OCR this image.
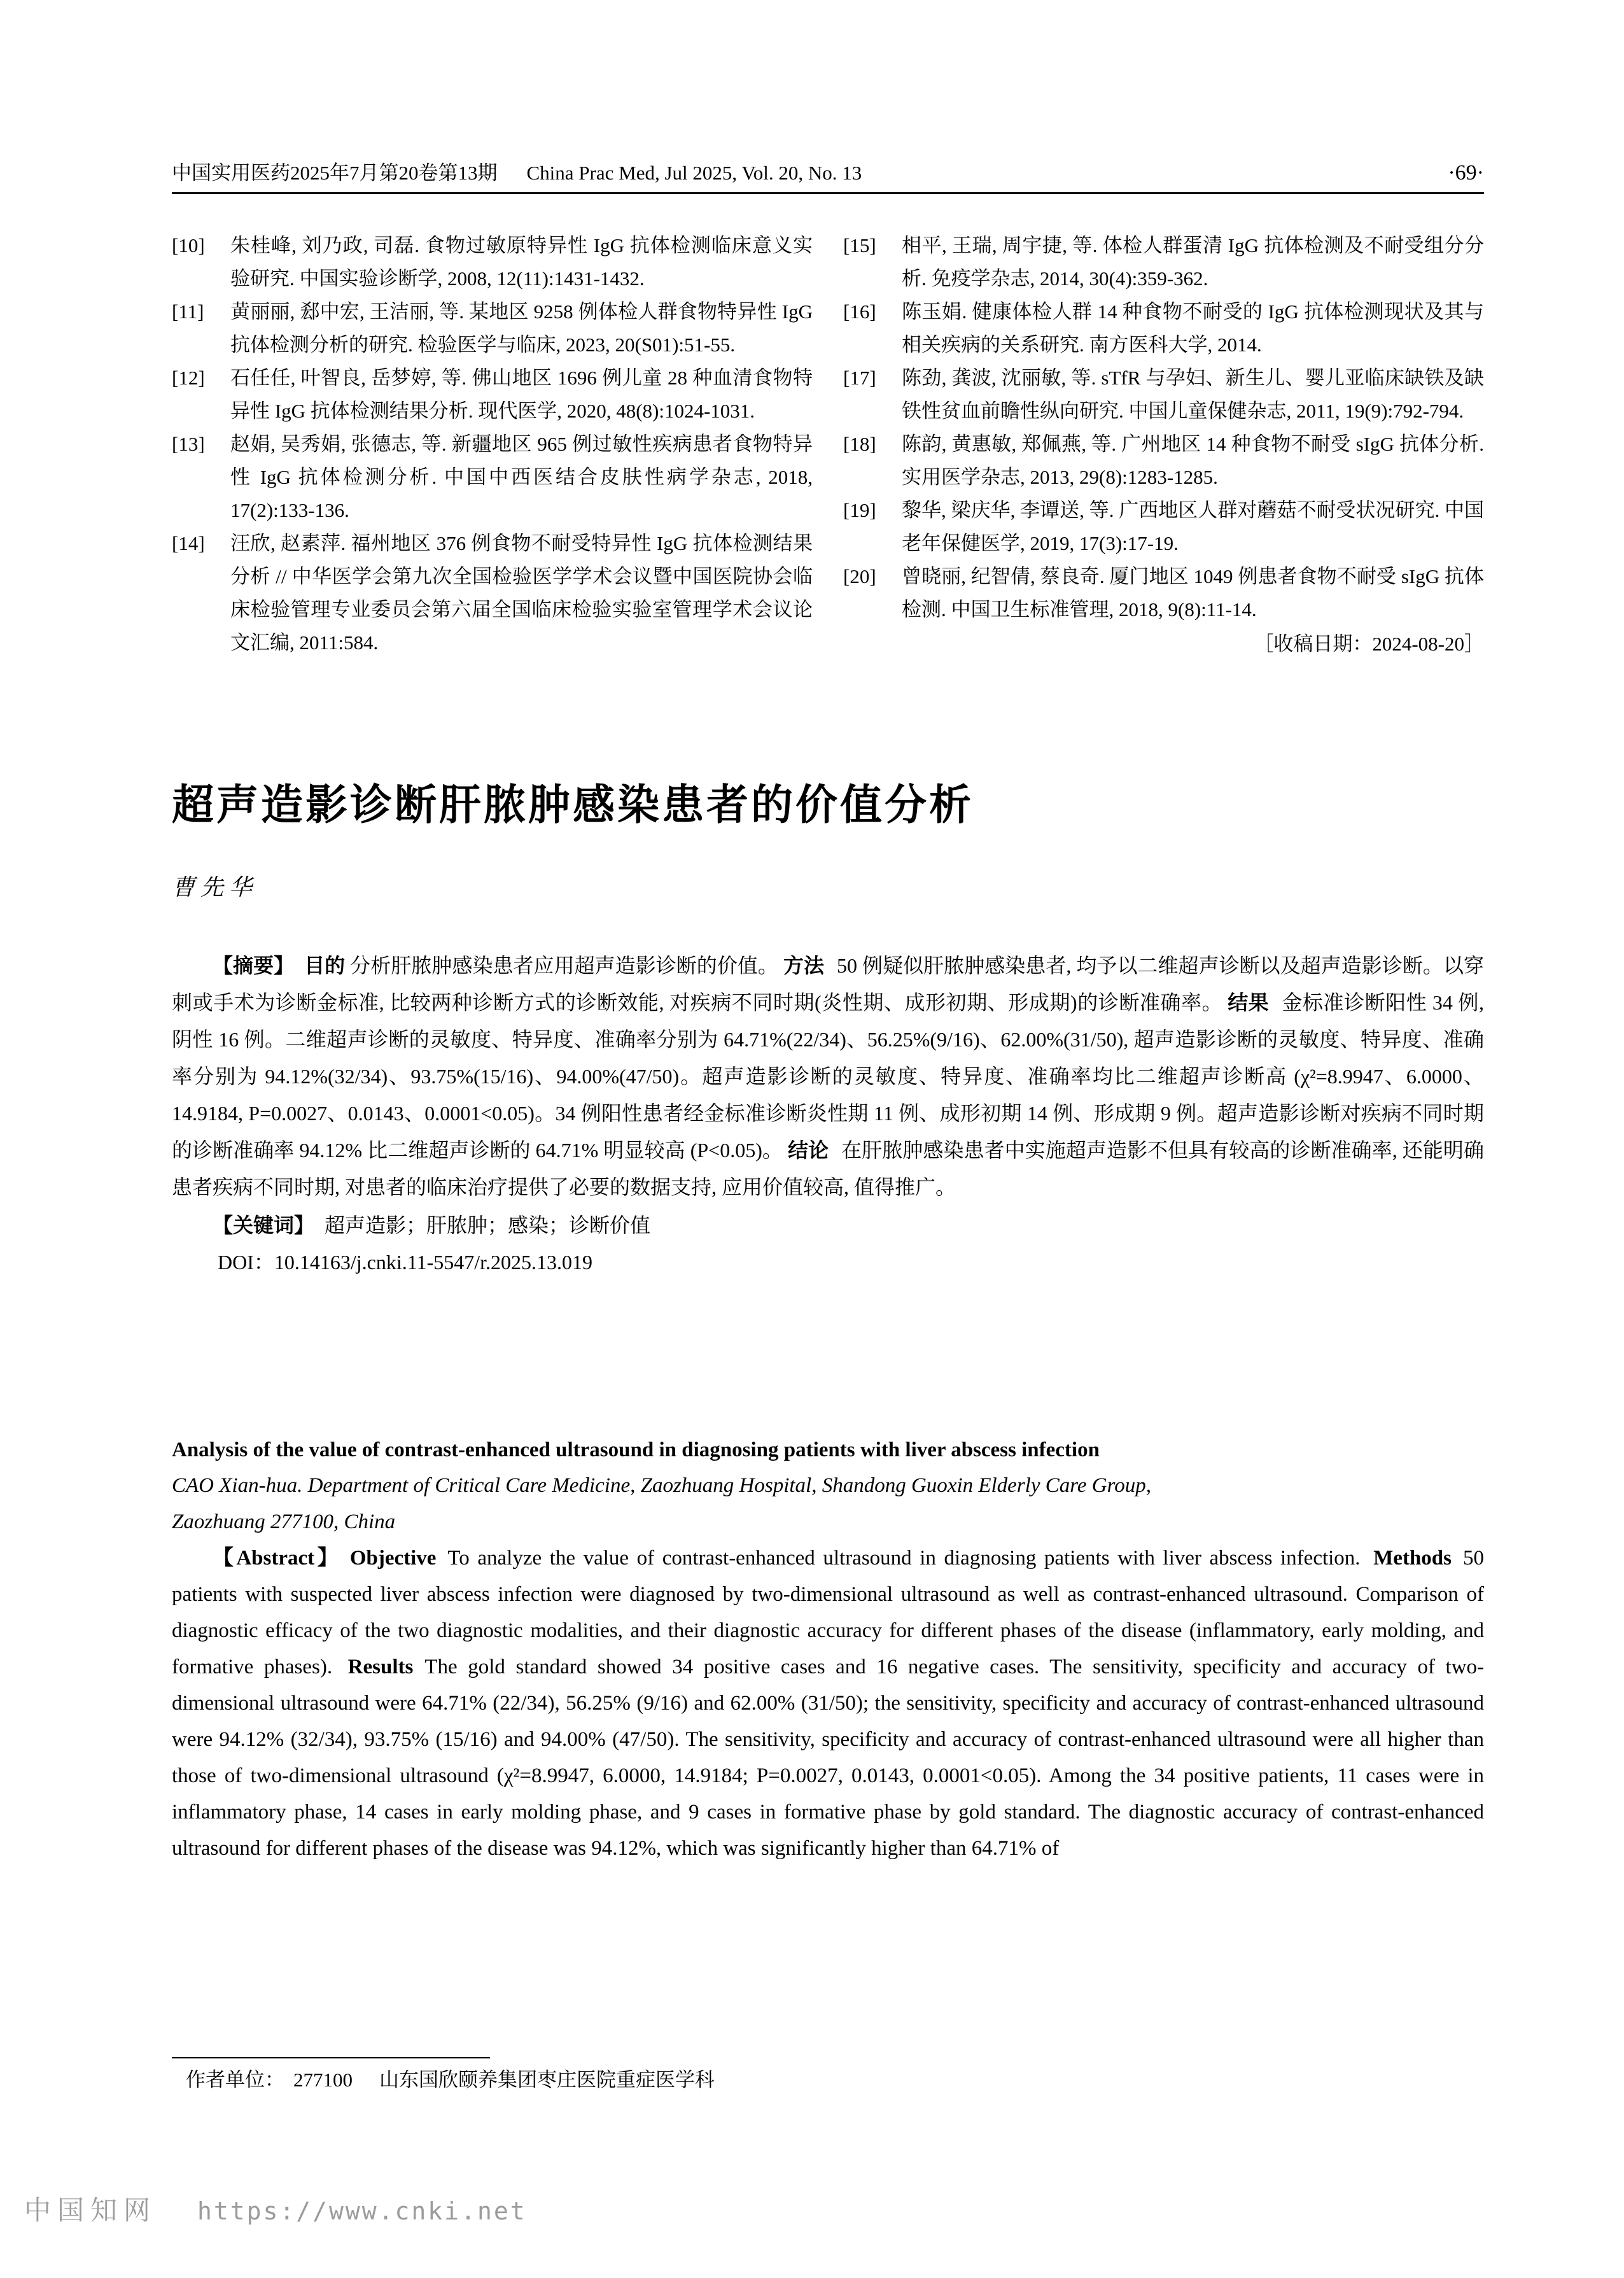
中国实用医药2025年7月第20卷第13期 China Prac Med, Jul 2025, Vol. 20, No. 13	·69·
[10]	朱桂峰, 刘乃政, 司磊. 食物过敏原特异性 IgG 抗体检测临床意义实验研究. 中国实验诊断学, 2008, 12(11):1431-1432.
[11]	黄丽丽, 郄中宏, 王洁丽, 等. 某地区 9258 例体检人群食物特异性 IgG 抗体检测分析的研究. 检验医学与临床, 2023, 20(S01):51-55.
[12]	石任任, 叶智良, 岳梦婷, 等. 佛山地区 1696 例儿童 28 种血清食物特异性 IgG 抗体检测结果分析. 现代医学, 2020, 48(8):1024-1031.
[13]	赵娟, 吴秀娟, 张德志, 等. 新疆地区 965 例过敏性疾病患者食物特异性 IgG 抗体检测分析. 中国中西医结合皮肤性病学杂志, 2018, 17(2):133-136.
[14]	汪欣, 赵素萍. 福州地区 376 例食物不耐受特异性 IgG 抗体检测结果分析 // 中华医学会第九次全国检验医学学术会议暨中国医院协会临床检验管理专业委员会第六届全国临床检验实验室管理学术会议论文汇编, 2011:584.
[15]	相平, 王瑞, 周宇捷, 等. 体检人群蛋清 IgG 抗体检测及不耐受组分分析. 免疫学杂志, 2014, 30(4):359-362.
[16]	陈玉娟. 健康体检人群 14 种食物不耐受的 IgG 抗体检测现状及其与相关疾病的关系研究. 南方医科大学, 2014.
[17]	陈劲, 龚波, 沈丽敏, 等. sTfR 与孕妇、新生儿、婴儿亚临床缺铁及缺铁性贫血前瞻性纵向研究. 中国儿童保健杂志, 2011, 19(9):792-794.
[18]	陈韵, 黄惠敏, 郑佩燕, 等. 广州地区 14 种食物不耐受 sIgG 抗体分析. 实用医学杂志, 2013, 29(8):1283-1285.
[19]	黎华, 梁庆华, 李谭送, 等. 广西地区人群对蘑菇不耐受状况研究. 中国老年保健医学, 2019, 17(3):17-19.
[20]	曾晓丽, 纪智倩, 蔡良奇. 厦门地区 1049 例患者食物不耐受 sIgG 抗体检测. 中国卫生标准管理, 2018, 9(8):11-14.
［收稿日期：2024-08-20］
超声造影诊断肝脓肿感染患者的价值分析
曹先华

【摘要】 目的 分析肝脓肿感染患者应用超声造影诊断的价值。 方法 50 例疑似肝脓肿感染患者, 均予以二维超声诊断以及超声造影诊断。以穿刺或手术为诊断金标准, 比较两种诊断方式的诊断效能, 对疾病不同时期(炎性期、成形初期、形成期)的诊断准确率。 结果 金标准诊断阳性 34 例, 阴性 16 例。二维超声诊断的灵敏度、特异度、准确率分别为 64.71%(22/34)、56.25%(9/16)、62.00%(31/50), 超声造影诊断的灵敏度、特异度、准确率分别为 94.12%(32/34)、93.75%(15/16)、94.00%(47/50)。超声造影诊断的灵敏度、特异度、准确率均比二维超声诊断高 (χ²=8.9947、6.0000、14.9184, P=0.0027、0.0143、0.0001<0.05)。34 例阳性患者经金标准诊断炎性期 11 例、成形初期 14 例、形成期 9 例。超声造影诊断对疾病不同时期的诊断准确率 94.12% 比二维超声诊断的 64.71% 明显较高 (P<0.05)。 结论 在肝脓肿感染患者中实施超声造影不但具有较高的诊断准确率, 还能明确患者疾病不同时期, 对患者的临床治疗提供了必要的数据支持, 应用价值较高, 值得推广。

【关键词】 超声造影；肝脓肿；感染；诊断价值
DOI：10.14163/j.cnki.11-5547/r.2025.13.019
Analysis of the value of contrast-enhanced ultrasound in diagnosing patients with liver abscess infection
CAO Xian-hua. Department of Critical Care Medicine, Zaozhuang Hospital, Shandong Guoxin Elderly Care Group,
Zaozhuang 277100, China

【Abstract】 Objective To analyze the value of contrast-enhanced ultrasound in diagnosing patients with liver abscess infection. Methods 50 patients with suspected liver abscess infection were diagnosed by two-dimensional ultrasound as well as contrast-enhanced ultrasound. Comparison of diagnostic efficacy of the two diagnostic modalities, and their diagnostic accuracy for different phases of the disease (inflammatory, early molding, and formative phases). Results The gold standard showed 34 positive cases and 16 negative cases. The sensitivity, specificity and accuracy of two-dimensional ultrasound were 64.71% (22/34), 56.25% (9/16) and 62.00% (31/50); the sensitivity, specificity and accuracy of contrast-enhanced ultrasound were 94.12% (32/34), 93.75% (15/16) and 94.00% (47/50). The sensitivity, specificity and accuracy of contrast-enhanced ultrasound were all higher than those of two-dimensional ultrasound (χ²=8.9947, 6.0000, 14.9184; P=0.0027, 0.0143, 0.0001<0.05). Among the 34 positive patients, 11 cases were in inflammatory phase, 14 cases in early molding phase, and 9 cases in formative phase by gold standard. The diagnostic accuracy of contrast-enhanced ultrasound for different phases of the disease was 94.12%, which was significantly higher than 64.71% of

作者单位： 277100 山东国欣颐养集团枣庄医院重症医学科
中国知网 https://www.cnki.net
